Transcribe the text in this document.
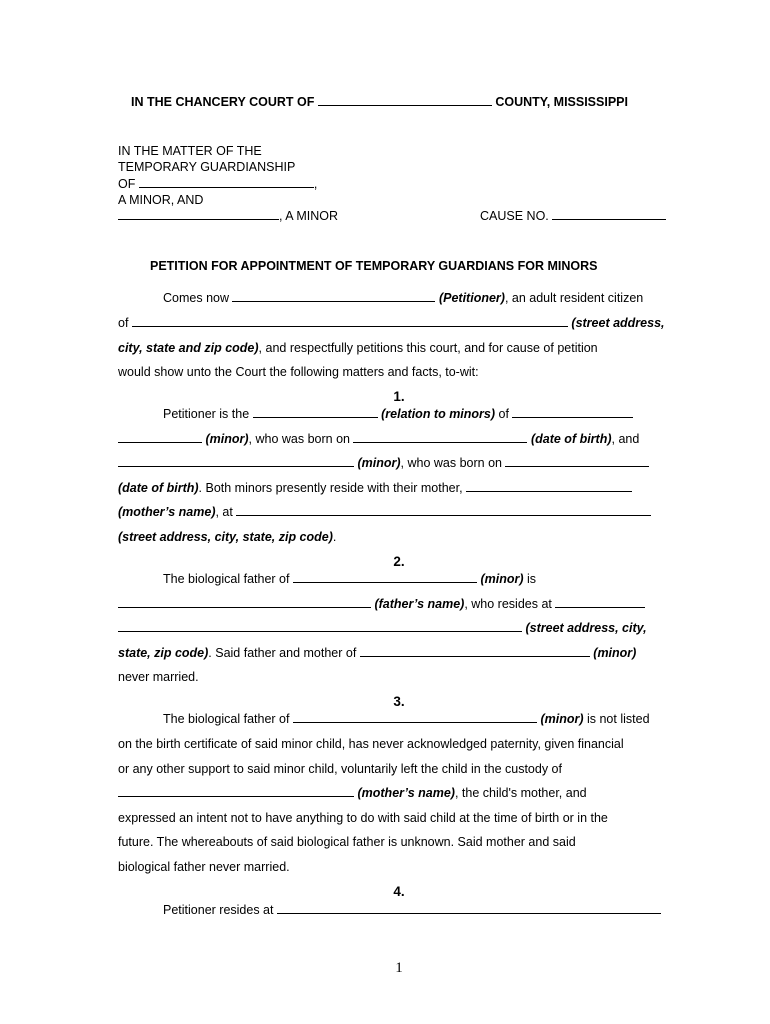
IN THE CHANCERY COURT OF	COUNTY, MISSISSIPPI
IN THE MATTER OF THE
TEMPORARY GUARDIANSHIP
OF	,
A MINOR, AND
, A MINOR	CAUSE NO.
PETITION FOR APPOINTMENT OF TEMPORARY GUARDIANS FOR MINORS
Comes now	(Petitioner), an adult resident citizen
of	(street address,
city, state and zip code), and respectfully petitions this court, and for cause of petition
would show unto the Court the following matters and facts, to-wit:
1.
Petitioner is the	(relation to minors) of
(minor), who was born on	(date of birth), and
(minor), who was born on
(date of birth). Both minors presently reside with their mother,
(mother’s name), at
(street address, city, state, zip code).
2.
The biological father of	(minor) is
(father’s name), who resides at
(street address, city,
state, zip code). Said father and mother of	(minor)
never married.
3.
The biological father of	(minor) is not listed
on the birth certificate of said minor child, has never acknowledged paternity, given financial
or any other support to said minor child, voluntarily left the child in the custody of
(mother’s name), the child's mother, and
expressed an intent not to have anything to do with said child at the time of birth or in the
future. The whereabouts of said biological father is unknown. Said mother and said
biological father never married.
4.
Petitioner resides at
1
